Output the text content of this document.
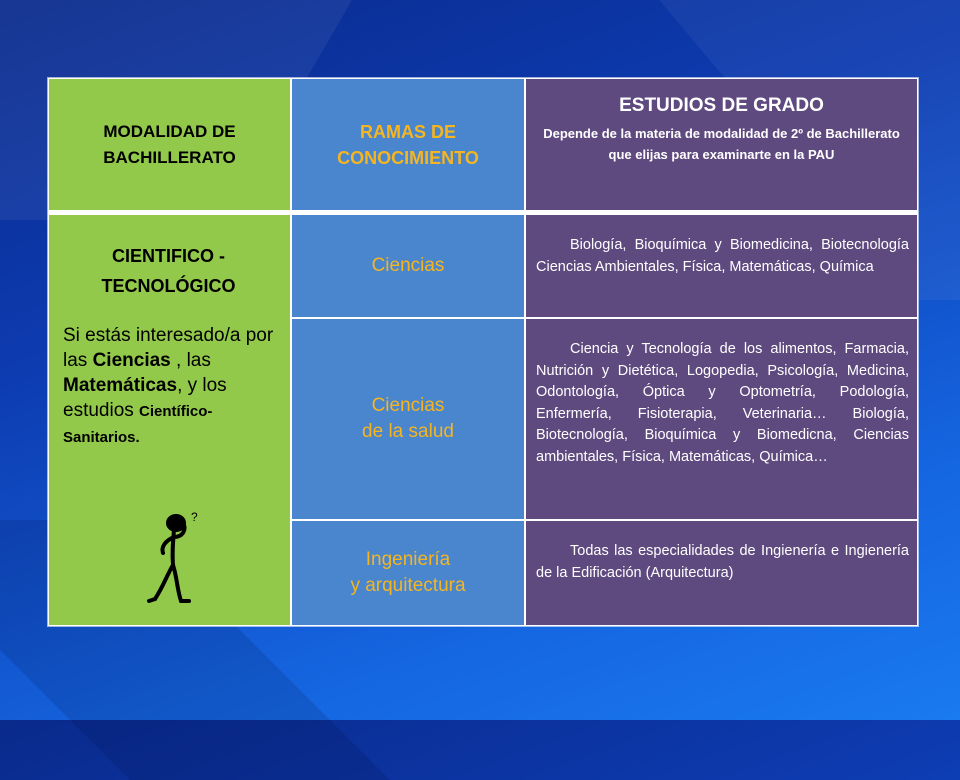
MODALIDAD DE BACHILLERATO
RAMAS DE CONOCIMIENTO
ESTUDIOS DE GRADO
Depende de la materia de modalidad de 2º de Bachillerato que elijas para examinarte en la PAU
CIENTIFICO - TECNOLÓGICO
Si estás interesado/a por las Ciencias , las Matemáticas, y los estudios Científico-Sanitarios.
?
Ciencias
Biología, Bioquímica y Biomedicina, Biotecnología Ciencias Ambientales, Física, Matemáticas, Química
Ciencias
de la salud
Ciencia y Tecnología de los alimentos, Farmacia, Nutrición y Dietética, Logopedia, Psicología, Medicina, Odontología, Óptica y Optometría, Podología, Enfermería, Fisioterapia, Veterinaria… Biología, Biotecnología, Bioquímica y Biomedicna, Ciencias ambientales, Física, Matemáticas, Química…
Ingeniería
y arquitectura
Todas las especialidades de Ingienería e Ingienería de la Edificación (Arquitectura)
